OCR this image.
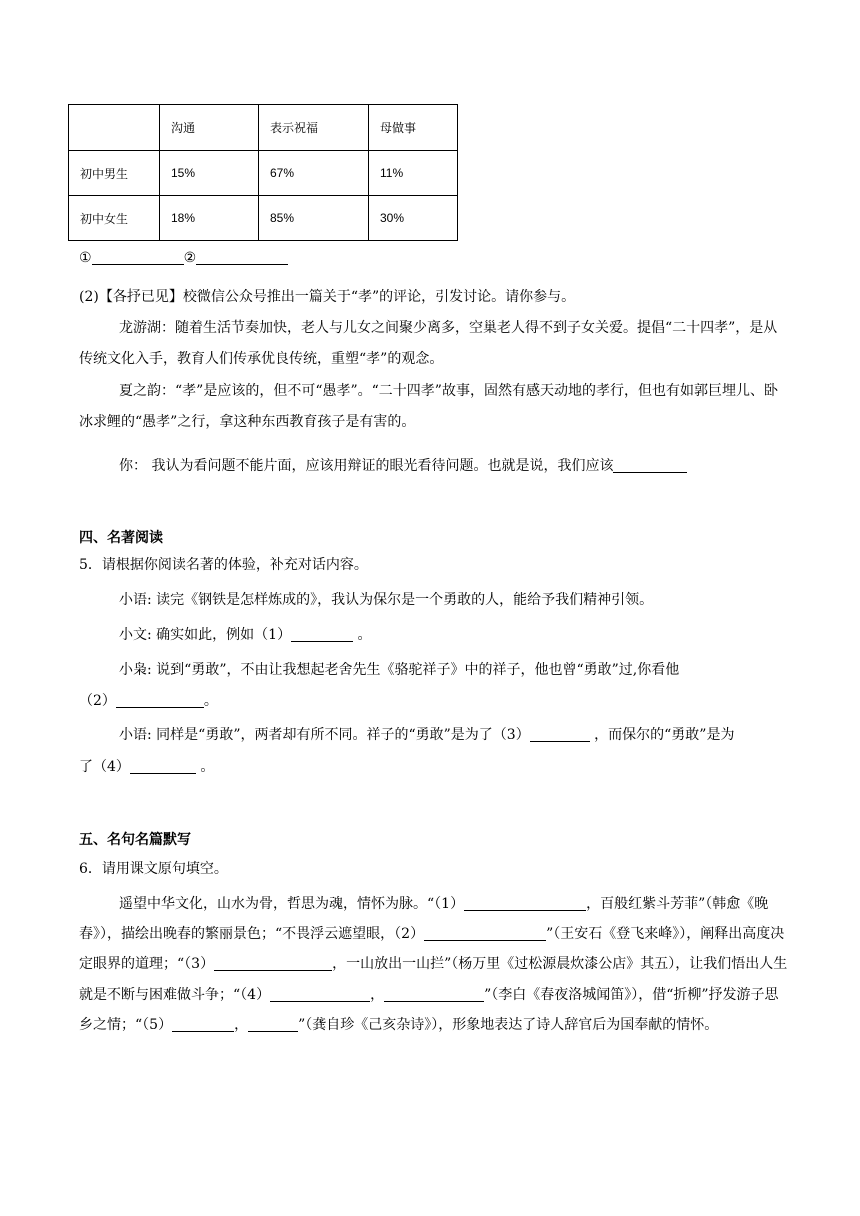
	沟通	表示祝福	母做事
初中男生	15%	67%	11%
初中女生	18%	85%	30%
①	②
(2)【各抒已见】校微信公众号推出一篇关于“孝”的评论，引发讨论。请你参与。
龙游湖：随着生活节奏加快，老人与儿女之间聚少离多，空巢老人得不到子女关爱。提倡“二十四孝”，是从传统文化入手，教育人们传承优良传统，重塑“孝”的观念。
夏之韵：“孝”是应该的，但不可“愚孝”。“二十四孝”故事，固然有感天动地的孝行，但也有如郭巨埋儿、卧冰求鲤的“愚孝”之行，拿这种东西教育孩子是有害的。
你： 我认为看问题不能片面，应该用辩证的眼光看待问题。也就是说，我们应该
四、名著阅读
5．请根据你阅读名著的体验，补充对话内容。
小语: 读完《钢铁是怎样炼成的》，我认为保尔是一个勇敢的人，能给予我们精神引领。
小文: 确实如此，例如（1）	。
小枭: 说到“勇敢”，不由让我想起老舍先生《骆驼祥子》中的祥子，他也曾“勇敢”过,你看他
（2）	。
小语: 同样是“勇敢”，两者却有所不同。祥子的“勇敢”是为了（3）	，而保尔的“勇敢”是为
了（4）	。
五、名句名篇默写
6．请用课文原句填空。
遥望中华文化，山水为骨，哲思为魂，情怀为脉。“（1）	，百般红紫斗芳菲”（韩愈《晚春》），描绘出晚春的繁丽景色；“不畏浮云遮望眼，（2）	”（王安石《登飞来峰》），阐释出高度决定眼界的道理；“（3）	，一山放出一山拦”（杨万里《过松源晨炊漆公店》其五），让我们悟出人生就是不断与困难做斗争；“（4）	，	”（李白《春夜洛城闻笛》），借“折柳”抒发游子思乡之情；“（5）	，	”（龚自珍《己亥杂诗》），形象地表达了诗人辞官后为国奉献的情怀。
